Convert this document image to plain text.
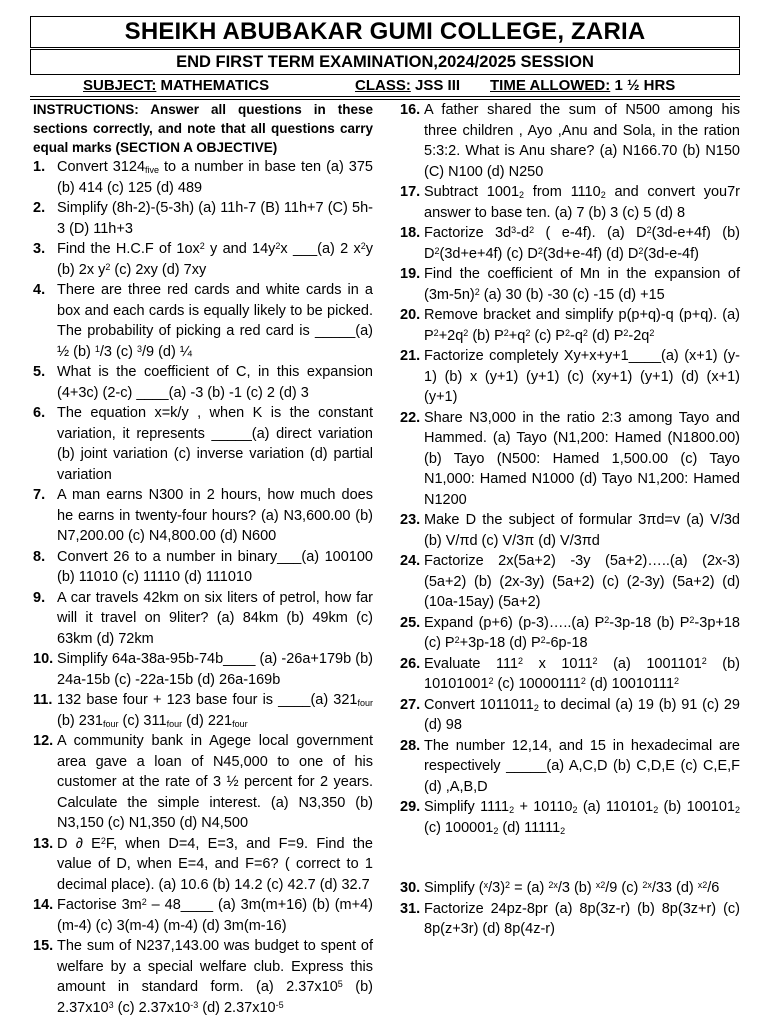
SHEIKH ABUBAKAR GUMI COLLEGE, ZARIA
END FIRST TERM EXAMINATION,2024/2025 SESSION
SUBJECT: MATHEMATICS	CLASS: JSS III TIME ALLOWED: 1 ½ HRS
INSTRUCTIONS: Answer all questions in these sections correctly, and note that all questions carry equal marks (SECTION A OBJECTIVE)
1. Convert $3124_{five}$ to a number in base ten (a) 375 (b) 414 (c) 125 (d) 489
2. Simplify (8h-2)-(5-3h) (a) 11h-7 (B) 11h+7 (C) 5h-3 (D) 11h+3
3. Find the H.C.F of $1ox^2$ y and $14y^2x$ ___(a) 2 $x^2y$ (b) 2x $y^2$ (c) 2xy (d) 7xy
4. There are three red cards and white cards in a box and each cards is equally likely to be picked. The probability of picking a red card is _____(a) ½ (b) $^1$/3 (c) $^3$/9 (d) ¼
5. What is the coefficient of C, in this expansion (4+3c) (2-c) ____(a) -3 (b) -1 (c) 2 (d) 3
6. The equation x=k/y , when K is the constant variation, it represents _____(a) direct variation (b) joint variation (c) inverse variation (d) partial variation
7. A man earns N300 in 2 hours, how much does he earns in twenty-four hours? (a) N3,600.00 (b) N7,200.00 (c) N4,800.00 (d) N600
8. Convert 26 to a number in binary___(a) 100100 (b) 11010 (c) 11110 (d) 111010
9. A car travels 42km on six liters of petrol, how far will it travel on 9liter? (a) 84km (b) 49km (c) 63km (d) 72km
10. Simplify 64a-38a-95b-74b____ (a) -26a+179b (b) 24a-15b (c) -22a-15b (d) 26a-169b
11. 132 base four + 123 base four is ____(a) $321_{four}$ (b) $231_{four}$ (c) $311_{four}$ (d) $221_{four}$
12. A community bank in Agege local government area gave a loan of N45,000 to one of his customer at the rate of 3 ½ percent for 2 years. Calculate the simple interest. (a) N3,350 (b) N3,150 (c) N1,350 (d) N4,500
13. D ∂ $E^2F$, when D=4, E=3, and F=9. Find the value of D, when E=4, and F=6? ( correct to 1 decimal place). (a) 10.6 (b) 14.2 (c) 42.7 (d) 32.7
14. Factorise $3m^2$ – 48____ (a) 3m(m+16) (b) (m+4) (m-4) (c) 3(m-4) (m-4) (d) 3m(m-16)
15. The sum of N237,143.00 was budget to spent of welfare by a special welfare club. Express this amount in standard form. (a) $2.37x10^5$ (b) $2.37x10^3$ (c) $2.37x10^{-3}$ (d) $2.37x10^{-5}$
16. A father shared the sum of N500 among his three children , Ayo ,Anu and Sola, in the ration 5:3:2. What is Anu share? (a) N166.70 (b) N150 (C) N100 (d) N250
17. Subtract $1001_2$ from $1110_2$ and convert you7r answer to base ten. (a) 7 (b) 3 (c) 5 (d) 8
18. Factorize $3d^3-d^2$ ( e-4f). (a) $D^2(3d-e+4f)$ (b) $D^2(3d+e+4f)$ (c) $D^2(3d+e-4f)$ (d) $D^2(3d-e-4f)$
19. Find the coefficient of Mn in the expansion of $(3m-5n)^2$ (a) 30 (b) -30 (c) -15 (d) +15
20. Remove bracket and simplify p(p+q)-q (p+q). (a) $P^2+2q^2$ (b) $P^2+q^2$ (c) $P^2-q^2$ (d) $P^2-2q^2$
21. Factorize completely Xy+x+y+1____(a) (x+1) (y-1) (b) x (y+1) (y+1) (c) (xy+1) (y+1) (d) (x+1) (y+1)
22. Share N3,000 in the ratio 2:3 among Tayo and Hammed. (a) Tayo (N1,200: Hamed (N1800.00) (b) Tayo (N500: Hamed 1,500.00 (c) Tayo N1,000: Hamed N1000 (d) Tayo N1,200: Hamed N1200
23. Make D the subject of formular 3πd=v (a) V/3d (b) V/πd (c) V/3π (d) V/3πd
24. Factorize 2x(5a+2) -3y (5a+2)…..(a) (2x-3) (5a+2) (b) (2x-3y) (5a+2) (c) (2-3y) (5a+2) (d) (10a-15ay) (5a+2)
25. Expand (p+6) (p-3)…..(a) $P^2-3p-18$ (b) $P^2-3p+18$ (c) $P^2+3p-18$ (d) $P^2-6p-18$
26. Evaluate $111^2$ x 1011$^2$ (a) 1001101$^2$ (b) 10101001$^2$ (c) 10000111$^2$ (d) 10010111$^2$
27. Convert $1011011_2$ to decimal (a) 19 (b) 91 (c) 29 (d) 98
28. The number 12,14, and 15 in hexadecimal are respectively _____(a) A,C,D (b) C,D,E (c) C,E,F (d) ,A,B,D
29. Simplify $1111_2 + 10110_2$ (a) $110101_2$ (b) $100101_2$ (c) $100001_2$ (d) $11111_2$
30. Simplify $(^x/3)^2 = (a)$ $^{2x}$/3 (b) $^{x2}$/9 (c) $^{2x}$/33 (d) $^{x2}$/6
31. Factorize 24pz-8pr (a) 8p(3z-r) (b) 8p(3z+r) (c) 8p(z+3r) (d) 8p(4z-r)
